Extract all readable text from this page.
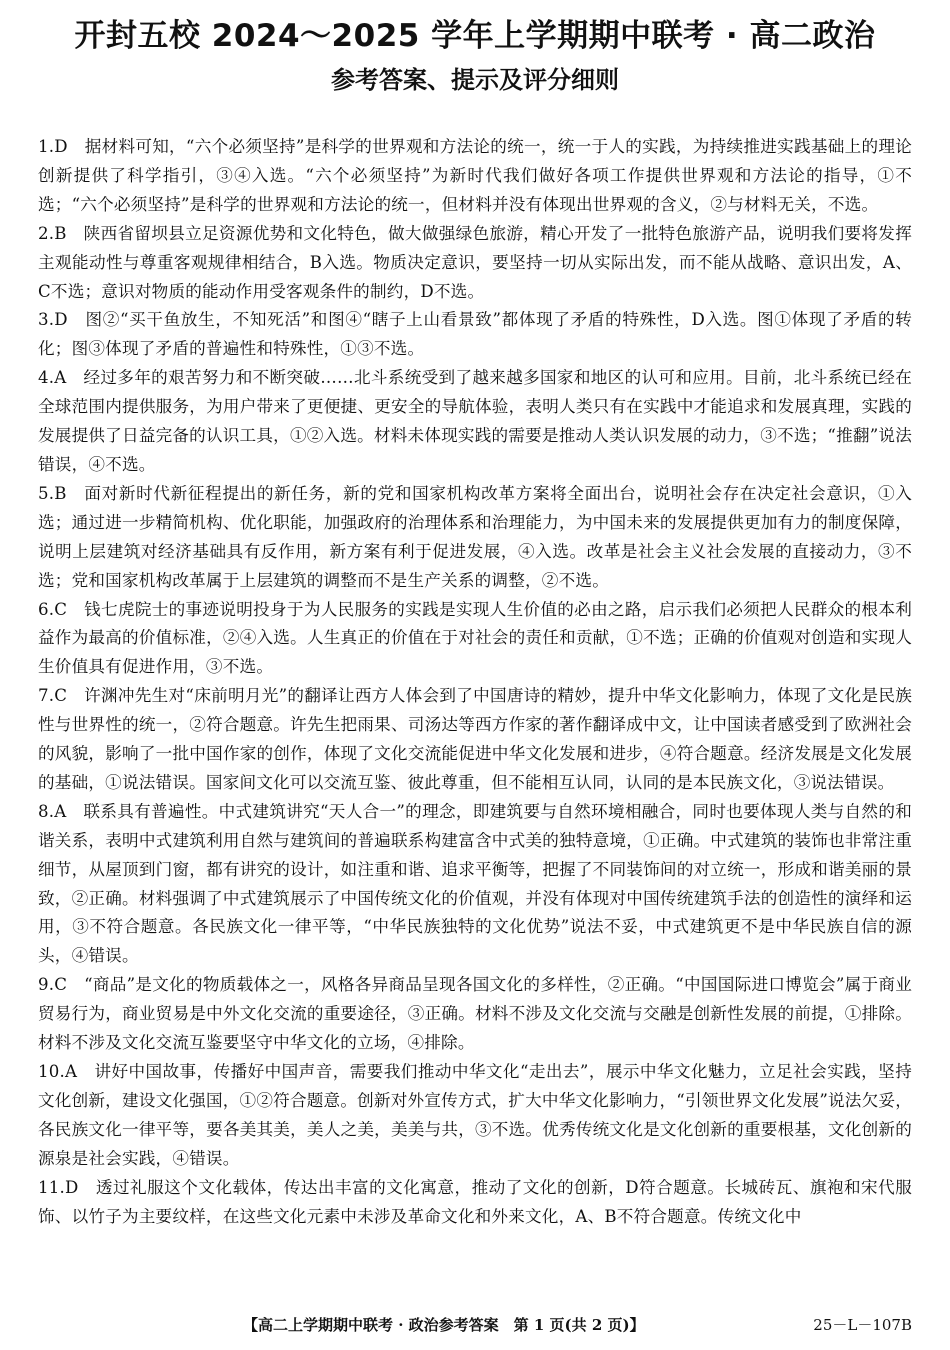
开封五校 2024～2025 学年上学期期中联考 · 高二政治
参考答案、提示及评分细则

1.D　 据材料可知，“六个必须坚持”是科学的世界观和方法论的统一，统一于人的实践，为持续推进实践基础上的理论创新提供了科学指引，③④入选。“六个必须坚持”为新时代我们做好各项工作提供世界观和方法论的指导，①不选；“六个必须坚持”是科学的世界观和方法论的统一，但材料并没有体现出世界观的含义，②与材料无关，不选。

2.B　 陕西省留坝县立足资源优势和文化特色，做大做强绿色旅游，精心开发了一批特色旅游产品，说明我们要将发挥主观能动性与尊重客观规律相结合，B入选。物质决定意识，要坚持一切从实际出发，而不能从战略、意识出发，A、C不选；意识对物质的能动作用受客观条件的制约，D不选。

3.D　 图②“买干鱼放生，不知死活”和图④“瞎子上山看景致”都体现了矛盾的特殊性，D入选。图①体现了矛盾的转化；图③体现了矛盾的普遍性和特殊性，①③不选。

4.A　 经过多年的艰苦努力和不断突破……北斗系统受到了越来越多国家和地区的认可和应用。目前，北斗系统已经在全球范围内提供服务，为用户带来了更便捷、更安全的导航体验，表明人类只有在实践中才能追求和发展真理，实践的发展提供了日益完备的认识工具，①②入选。材料未体现实践的需要是推动人类认识发展的动力，③不选；“推翻”说法错误，④不选。

5.B　 面对新时代新征程提出的新任务，新的党和国家机构改革方案将全面出台，说明社会存在决定社会意识，①入选；通过进一步精简机构、优化职能，加强政府的治理体系和治理能力，为中国未来的发展提供更加有力的制度保障，说明上层建筑对经济基础具有反作用，新方案有利于促进发展，④入选。改革是社会主义社会发展的直接动力，③不选；党和国家机构改革属于上层建筑的调整而不是生产关系的调整，②不选。

6.C　 钱七虎院士的事迹说明投身于为人民服务的实践是实现人生价值的必由之路，启示我们必须把人民群众的根本利益作为最高的价值标准，②④入选。人生真正的价值在于对社会的责任和贡献，①不选；正确的价值观对创造和实现人生价值具有促进作用，③不选。

7.C　 许渊冲先生对“床前明月光”的翻译让西方人体会到了中国唐诗的精妙，提升中华文化影响力，体现了文化是民族性与世界性的统一，②符合题意。许先生把雨果、司汤达等西方作家的著作翻译成中文，让中国读者感受到了欧洲社会的风貌，影响了一批中国作家的创作，体现了文化交流能促进中华文化发展和进步，④符合题意。经济发展是文化发展的基础，①说法错误。国家间文化可以交流互鉴、彼此尊重，但不能相互认同，认同的是本民族文化，③说法错误。

8.A　 联系具有普遍性。中式建筑讲究“天人合一”的理念，即建筑要与自然环境相融合，同时也要体现人类与自然的和谐关系，表明中式建筑利用自然与建筑间的普遍联系构建富含中式美的独特意境，①正确。中式建筑的装饰也非常注重细节，从屋顶到门窗，都有讲究的设计，如注重和谐、追求平衡等，把握了不同装饰间的对立统一，形成和谐美丽的景致，②正确。材料强调了中式建筑展示了中国传统文化的价值观，并没有体现对中国传统建筑手法的创造性的演绎和运用，③不符合题意。各民族文化一律平等，“中华民族独特的文化优势”说法不妥，中式建筑更不是中华民族自信的源头，④错误。

9.C　 “商品”是文化的物质载体之一，风格各异商品呈现各国文化的多样性，②正确。“中国国际进口博览会”属于商业贸易行为，商业贸易是中外文化交流的重要途径，③正确。材料不涉及文化交流与交融是创新性发展的前提，①排除。材料不涉及文化交流互鉴要坚守中华文化的立场，④排除。

10.A　 讲好中国故事，传播好中国声音，需要我们推动中华文化“走出去”，展示中华文化魅力，立足社会实践，坚持文化创新，建设文化强国，①②符合题意。创新对外宣传方式，扩大中华文化影响力，“引领世界文化发展”说法欠妥，各民族文化一律平等，要各美其美，美人之美，美美与共，③不选。优秀传统文化是文化创新的重要根基，文化创新的源泉是社会实践，④错误。

11.D　 透过礼服这个文化载体，传达出丰富的文化寓意，推动了文化的创新，D符合题意。长城砖瓦、旗袍和宋代服饰、以竹子为主要纹样，在这些文化元素中未涉及革命文化和外来文化，A、B不符合题意。传统文化中

【高二上学期期中联考 · 政治参考答案　第 1 页(共 2 页)】	25－L－107B
